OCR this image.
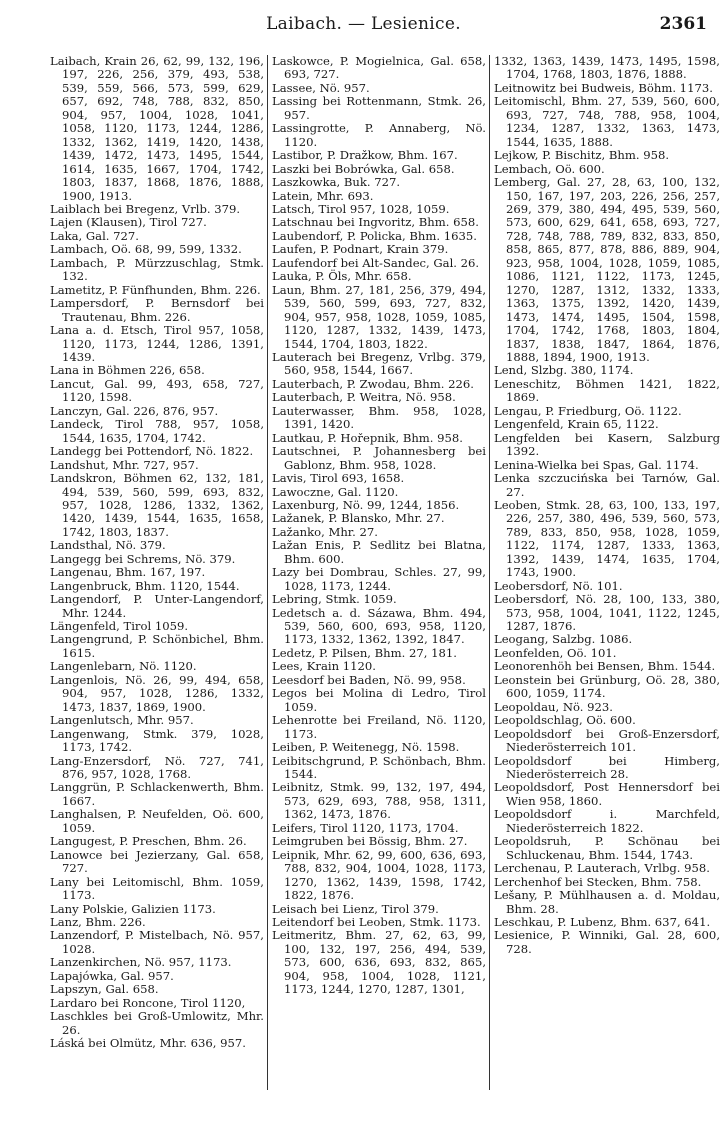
Laibach. — Lesienice.	2361

Laibach, Krain 26, 62, 99, 132, 196, 197, 226, 256, 379, 493, 538, 539, 559, 566, 573, 599, 629, 657, 692, 748, 788, 832, 850, 904, 957, 1004, 1028, 1041, 1058, 1120, 1173, 1244, 1286, 1332, 1362, 1419, 1420, 1438, 1439, 1472, 1473, 1495, 1544, 1614, 1635, 1667, 1704, 1742, 1803, 1837, 1868, 1876, 1888, 1900, 1913.

Laiblach bei Bregenz, Vrlb. 379.

Lajen (Klausen), Tirol 727.

Laka, Gal. 727.

Lambach, Oö. 68, 99, 599, 1332.

Lambach, P. Mürzzuschlag, Stmk. 132.

Lametitz, P. Fünfhunden, Bhm. 226.

Lampersdorf, P. Bernsdorf bei Trautenau, Bhm. 226.

Lana a. d. Etsch, Tirol 957, 1058, 1120, 1173, 1244, 1286, 1391, 1439.

Lana in Böhmen 226, 658.

Lancut, Gal. 99, 493, 658, 727, 1120, 1598.

Lanczyn, Gal. 226, 876, 957.

Landeck, Tirol 788, 957, 1058, 1544, 1635, 1704, 1742.

Landegg bei Pottendorf, Nö. 1822.

Landshut, Mhr. 727, 957.

Landskron, Böhmen 62, 132, 181, 494, 539, 560, 599, 693, 832, 957, 1028, 1286, 1332, 1362, 1420, 1439, 1544, 1635, 1658, 1742, 1803, 1837.

Landsthal, Nö. 379.

Langegg bei Schrems, Nö. 379.

Langenau, Bhm. 167, 197.

Langenbruck, Bhm. 1120, 1544.

Langendorf, P. Unter-Langendorf, Mhr. 1244.

Längenfeld, Tirol 1059.

Langengrund, P. Schönbichel, Bhm. 1615.

Langenlebarn, Nö. 1120.

Langenlois, Nö. 26, 99, 494, 658, 904, 957, 1028, 1286, 1332, 1473, 1837, 1869, 1900.

Langenlutsch, Mhr. 957.

Langenwang, Stmk. 379, 1028, 1173, 1742.

Lang-Enzersdorf, Nö. 727, 741, 876, 957, 1028, 1768.

Langgrün, P. Schlackenwerth, Bhm. 1667.

Langhalsen, P. Neufelden, Oö. 600, 1059.

Langugest, P. Preschen, Bhm. 26.

Lanowce bei Jezierzany, Gal. 658, 727.

Lany bei Leitomischl, Bhm. 1059, 1173.

Lany Polskie, Galizien 1173.

Lanz, Bhm. 226.

Lanzendorf, P. Mistelbach, Nö. 957, 1028.

Lanzenkirchen, Nö. 957, 1173.

Lapajówka, Gal. 957.

Lapszyn, Gal. 658.

Lardaro bei Roncone, Tirol 1120,

Laschkles bei Groß-Umlowitz, Mhr. 26.

Láská bei Olmütz, Mhr. 636, 957.

Laskowce, P. Mogielnica, Gal. 658, 693, 727.

Lassee, Nö. 957.

Lassing bei Rottenmann, Stmk. 26, 957.

Lassingrotte, P. Annaberg, Nö. 1120.

Lastibor, P. Dražkow, Bhm. 167.

Laszki bei Bobrówka, Gal. 658.

Laszkowka, Buk. 727.

Latein, Mhr. 693.

Latsch, Tirol 957, 1028, 1059.

Latschnau bei Ingvoritz, Bhm. 658.

Laubendorf, P. Policka, Bhm. 1635.

Laufen, P. Podnart, Krain 379.

Laufendorf bei Alt-Sandec, Gal. 26.

Lauka, P. Öls, Mhr. 658.

Laun, Bhm. 27, 181, 256, 379, 494, 539, 560, 599, 693, 727, 832, 904, 957, 958, 1028, 1059, 1085, 1120, 1287, 1332, 1439, 1473, 1544, 1704, 1803, 1822.

Lauterach bei Bregenz, Vrlbg. 379, 560, 958, 1544, 1667.

Lauterbach, P. Zwodau, Bhm. 226.

Lauterbach, P. Weitra, Nö. 958.

Lauterwasser, Bhm. 958, 1028, 1391, 1420.

Lautkau, P. Hořepnik, Bhm. 958.

Lautschnei, P. Johannesberg bei Gablonz, Bhm. 958, 1028.

Lavis, Tirol 693, 1658.

Lawoczne, Gal. 1120.

Laxenburg, Nö. 99, 1244, 1856.

Lažanek, P. Blansko, Mhr. 27.

Lažanko, Mhr. 27.

Lažan Enis, P. Sedlitz bei Blatna, Bhm. 600.

Lazy bei Dombrau, Schles. 27, 99, 1028, 1173, 1244.

Lebring, Stmk. 1059.

Ledetsch a. d. Sázawa, Bhm. 494, 539, 560, 600, 693, 958, 1120, 1173, 1332, 1362, 1392, 1847.

Ledetz, P. Pilsen, Bhm. 27, 181.

Lees, Krain 1120.

Leesdorf bei Baden, Nö. 99, 958.

Legos bei Molina di Ledro, Tirol 1059.

Lehenrotte bei Freiland, Nö. 1120, 1173.

Leiben, P. Weitenegg, Nö. 1598.

Leibitschgrund, P. Schönbach, Bhm. 1544.

Leibnitz, Stmk. 99, 132, 197, 494, 573, 629, 693, 788, 958, 1311, 1362, 1473, 1876.

Leifers, Tirol 1120, 1173, 1704.

Leimgruben bei Bössig, Bhm. 27.

Leipnik, Mhr. 62, 99, 600, 636, 693, 788, 832, 904, 1004, 1028, 1173, 1270, 1362, 1439, 1598, 1742, 1822, 1876.

Leisach bei Lienz, Tirol 379.

Leitendorf bei Leoben, Stmk. 1173.

Leitmeritz, Bhm. 27, 62, 63, 99, 100, 132, 197, 256, 494, 539, 573, 600, 636, 693, 832, 865, 904, 958, 1004, 1028, 1121, 1173, 1244, 1270, 1287, 1301,

1332, 1363, 1439, 1473, 1495, 1598, 1704, 1768, 1803, 1876, 1888.

Leitnowitz bei Budweis, Böhm. 1173.

Leitomischl, Bhm. 27, 539, 560, 600, 693, 727, 748, 788, 958, 1004, 1234, 1287, 1332, 1363, 1473, 1544, 1635, 1888.

Lejkow, P. Bischitz, Bhm. 958.

Lembach, Oö. 600.

Lemberg, Gal. 27, 28, 63, 100, 132, 150, 167, 197, 203, 226, 256, 257, 269, 379, 380, 494, 495, 539, 560, 573, 600, 629, 641, 658, 693, 727, 728, 748, 788, 789, 832, 833, 850, 858, 865, 877, 878, 886, 889, 904, 923, 958, 1004, 1028, 1059, 1085, 1086, 1121, 1122, 1173, 1245, 1270, 1287, 1312, 1332, 1333, 1363, 1375, 1392, 1420, 1439, 1473, 1474, 1495, 1504, 1598, 1704, 1742, 1768, 1803, 1804, 1837, 1838, 1847, 1864, 1876, 1888, 1894, 1900, 1913.

Lend, Slzbg. 380, 1174.

Leneschitz, Böhmen 1421, 1822, 1869.

Lengau, P. Friedburg, Oö. 1122.

Lengenfeld, Krain 65, 1122.

Lengfelden bei Kasern, Salzburg 1392.

Lenina-Wielka bei Spas, Gal. 1174.

Lenka szczucińska bei Tarnów, Gal. 27.

Leoben, Stmk. 28, 63, 100, 133, 197, 226, 257, 380, 496, 539, 560, 573, 789, 833, 850, 958, 1028, 1059, 1122, 1174, 1287, 1333, 1363, 1392, 1439, 1474, 1635, 1704, 1743, 1900.

Leobersdorf, Nö. 101.

Leobersdorf, Nö. 28, 100, 133, 380, 573, 958, 1004, 1041, 1122, 1245, 1287, 1876.

Leogang, Salzbg. 1086.

Leonfelden, Oö. 101.

Leonorenhöh bei Bensen, Bhm. 1544.

Leonstein bei Grünburg, Oö. 28, 380, 600, 1059, 1174.

Leopoldau, Nö. 923.

Leopoldschlag, Oö. 600.

Leopoldsdorf bei Groß-Enzersdorf, Niederösterreich 101.

Leopoldsdorf bei Himberg, Niederösterreich 28.

Leopoldsdorf, Post Hennersdorf bei Wien 958, 1860.

Leopoldsdorf i. Marchfeld, Niederösterreich 1822.

Leopoldsruh, P. Schönau bei Schluckenau, Bhm. 1544, 1743.

Lerchenau, P. Lauterach, Vrlbg. 958.

Lerchenhof bei Stecken, Bhm. 758.

Lešany, P. Mühlhausen a. d. Moldau, Bhm. 28.

Leschkau, P. Lubenz, Bhm. 637, 641.

Lesienice, P. Winniki, Gal. 28, 600, 728.
